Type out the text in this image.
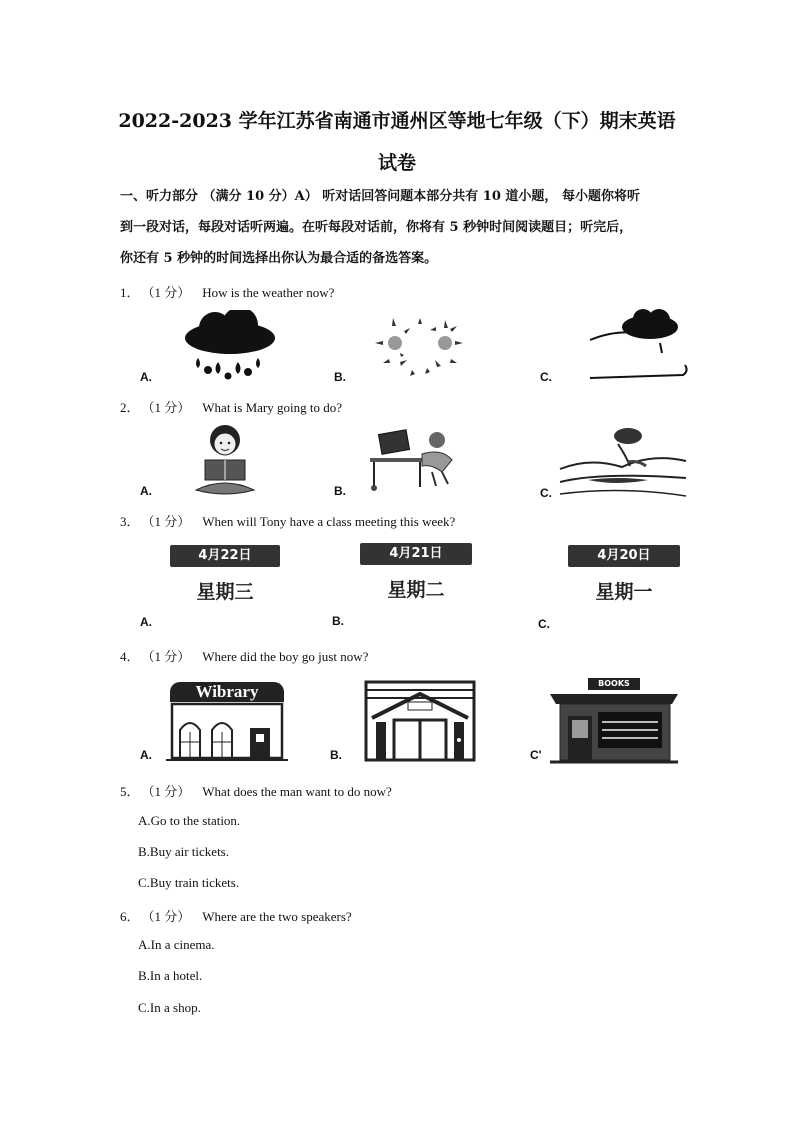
2022-2023 学年江苏省南通市通州区等地七年级（下）期末英语
试卷
一、听力部分 （满分 10 分）A） 听对话回答问题本部分共有 10 道小题， 每小题你将听
到一段对话，每段对话听两遍。在听每段对话前，你将有 5 秒钟时间阅读题目；听完后，
你还有 5 秒钟的时间选择出你认为最合适的备选答案。
1． （1 分） How is the weather now?
A.	B.	C.
2． （1 分） What is Mary going to do?
A.	B.	C.
3． （1 分） When will Tony have a class meeting this week?
4月22日
星期三
A.
4月21日
星期二
B.
4月20日
星期一
C.
4． （1 分） Where did the boy go just now?
A.
Wibrary
B.	C'
BOOKS
5． （1 分） What does the man want to do now?
A.Go to the station.
B.Buy air tickets.
C.Buy train tickets.
6． （1 分） Where are the two speakers?
A.In a cinema.
B.In a hotel.
C.In a shop.
